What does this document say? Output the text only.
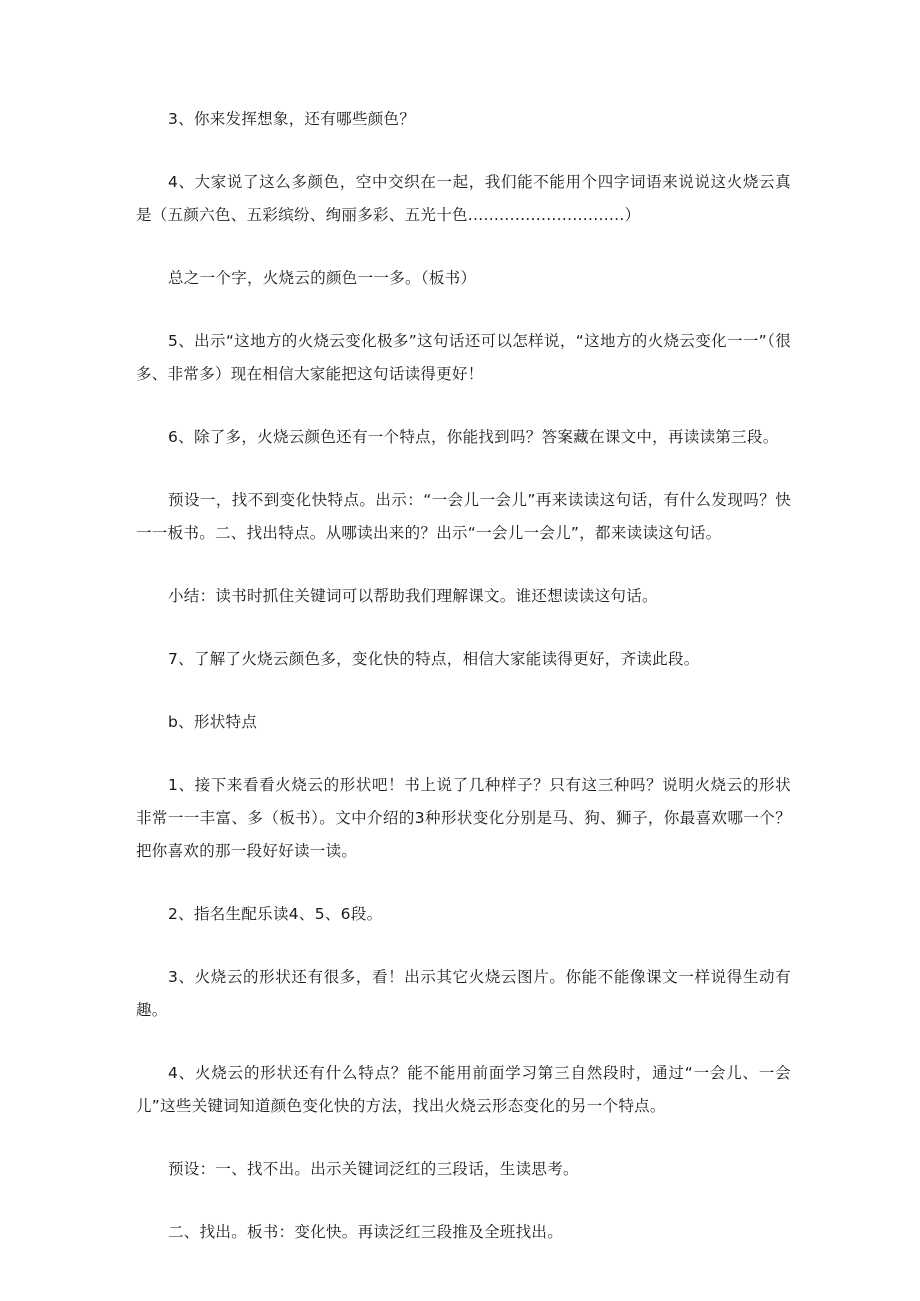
3、你来发挥想象，还有哪些颜色？

4、大家说了这么多颜色，空中交织在一起，我们能不能用个四字词语来说说这火烧云真是（五颜六色、五彩缤纷、绚丽多彩、五光十色..............................）

总之一个字，火烧云的颜色一一多。（板书）

5、出示“这地方的火烧云变化极多”这句话还可以怎样说，“这地方的火烧云变化一一”（很多、非常多）现在相信大家能把这句话读得更好！

6、除了多，火烧云颜色还有一个特点，你能找到吗？答案藏在课文中，再读读第三段。

预设一，找不到变化快特点。出示：“一会儿一会儿”再来读读这句话，有什么发现吗？快一一板书。二、找出特点。从哪读出来的？出示“一会儿一会儿”，都来读读这句话。

小结：读书时抓住关键词可以帮助我们理解课文。谁还想读读这句话。

7、了解了火烧云颜色多，变化快的特点，相信大家能读得更好，齐读此段。

b、形状特点

1、接下来看看火烧云的形状吧！书上说了几种样子？只有这三种吗？说明火烧云的形状非常一一丰富、多（板书）。文中介绍的3种形状变化分别是马、狗、狮子，你最喜欢哪一个？把你喜欢的那一段好好读一读。

2、指名生配乐读4、5、6段。

3、火烧云的形状还有很多，看！出示其它火烧云图片。你能不能像课文一样说得生动有趣。

4、火烧云的形状还有什么特点？能不能用前面学习第三自然段时，通过“一会儿、一会儿”这些关键词知道颜色变化快的方法，找出火烧云形态变化的另一个特点。

预设：一、找不出。出示关键词泛红的三段话，生读思考。

二、找出。板书：变化快。再读泛红三段推及全班找出。
